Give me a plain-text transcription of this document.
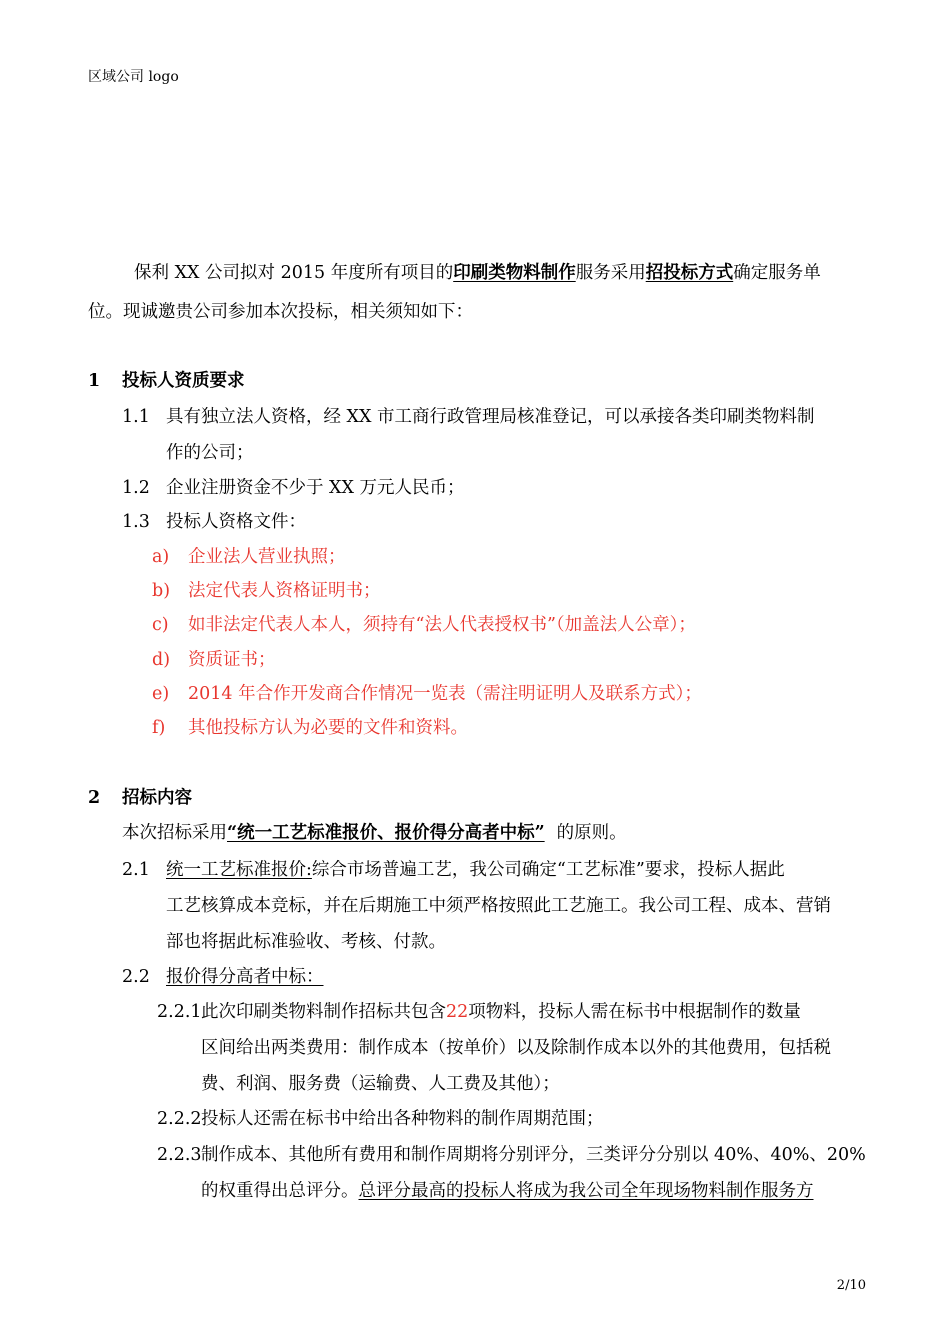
区域公司 logo
保利 XX 公司拟对 2015 年度所有项目的印刷类物料制作服务采用招投标方式确定服务单
位。现诚邀贵公司参加本次投标，相关须知如下：
1 投标人资质要求
1.1 具有独立法人资格，经 XX 市工商行政管理局核准登记，可以承接各类印刷类物料制
作的公司；
1.2 企业注册资金不少于 XX 万元人民币；
1.3 投标人资格文件：
a) 企业法人营业执照；
b) 法定代表人资格证明书；
c) 如非法定代表人本人，须持有“法人代表授权书”（加盖法人公章）；
d) 资质证书；
e) 2014 年合作开发商合作情况一览表（需注明证明人及联系方式）；
f) 其他投标方认为必要的文件和资料。
2 招标内容
本次招标采用“统一工艺标准报价、报价得分高者中标” 的原则。
2.1 统一工艺标准报价:综合市场普遍工艺，我公司确定“工艺标准”要求，投标人据此
工艺核算成本竞标，并在后期施工中须严格按照此工艺施工。我公司工程、成本、营销
部也将据此标准验收、考核、付款。
2.2 报价得分高者中标：
2.2.1此次印刷类物料制作招标共包含22项物料，投标人需在标书中根据制作的数量
区间给出两类费用：制作成本（按单价）以及除制作成本以外的其他费用，包括税
费、利润、服务费（运输费、人工费及其他）；
2.2.2投标人还需在标书中给出各种物料的制作周期范围；
2.2.3制作成本、其他所有费用和制作周期将分别评分，三类评分分别以 40%、40%、20%
的权重得出总评分。总评分最高的投标人将成为我公司全年现场物料制作服务方
2/10
